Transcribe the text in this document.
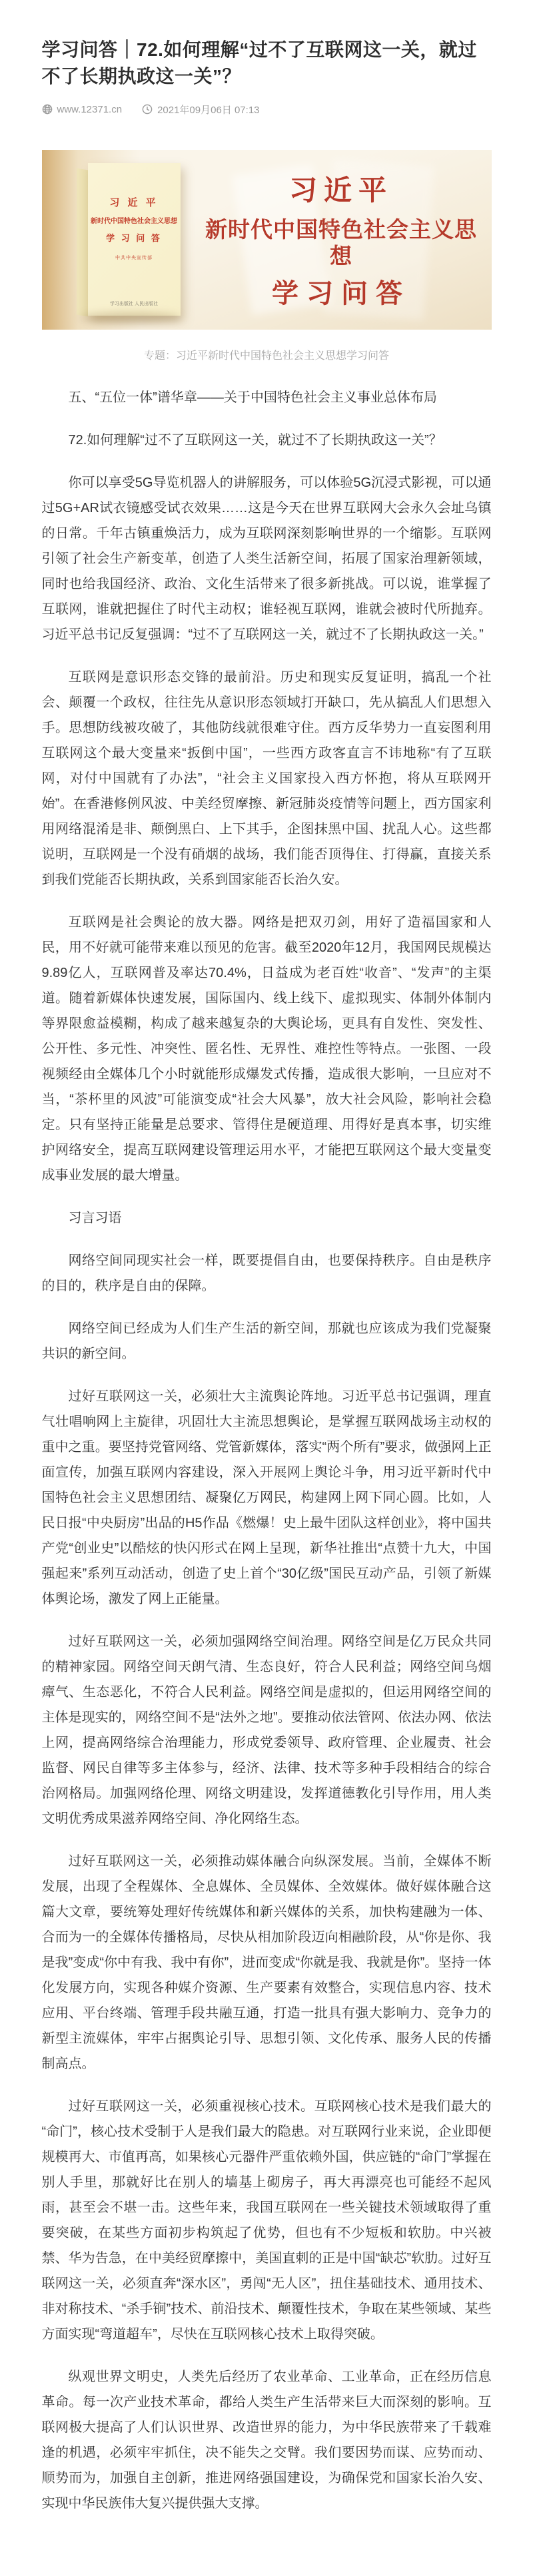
学习问答｜72.如何理解“过不了互联网这一关，就过不了长期执政这一关”？
www.12371.cn	2021年09月06日 07:13
习 近 平
新时代中国特色社会主义思想
学 习 问 答
中共中央宣传部
学习出版社 人民出版社
习近平
新时代中国特色社会主义思想
学习问答
专题：习近平新时代中国特色社会主义思想学习问答

五、“五位一体”谱华章——关于中国特色社会主义事业总体布局

72.如何理解“过不了互联网这一关，就过不了长期执政这一关”？

你可以享受5G导览机器人的讲解服务，可以体验5G沉浸式影视，可以通过5G+AR试衣镜感受试衣效果……这是今天在世界互联网大会永久会址乌镇的日常。千年古镇重焕活力，成为互联网深刻影响世界的一个缩影。互联网引领了社会生产新变革，创造了人类生活新空间，拓展了国家治理新领域，同时也给我国经济、政治、文化生活带来了很多新挑战。可以说，谁掌握了互联网，谁就把握住了时代主动权；谁轻视互联网，谁就会被时代所抛弃。习近平总书记反复强调：“过不了互联网这一关，就过不了长期执政这一关。”

互联网是意识形态交锋的最前沿。历史和现实反复证明，搞乱一个社会、颠覆一个政权，往往先从意识形态领域打开缺口，先从搞乱人们思想入手。思想防线被攻破了，其他防线就很难守住。西方反华势力一直妄图利用互联网这个最大变量来“扳倒中国”，一些西方政客直言不讳地称“有了互联网，对付中国就有了办法”，“社会主义国家投入西方怀抱，将从互联网开始”。在香港修例风波、中美经贸摩擦、新冠肺炎疫情等问题上，西方国家利用网络混淆是非、颠倒黑白、上下其手，企图抹黑中国、扰乱人心。这些都说明，互联网是一个没有硝烟的战场，我们能否顶得住、打得赢，直接关系到我们党能否长期执政，关系到国家能否长治久安。

互联网是社会舆论的放大器。网络是把双刃剑，用好了造福国家和人民，用不好就可能带来难以预见的危害。截至2020年12月，我国网民规模达9.89亿人，互联网普及率达70.4%，日益成为老百姓“收音”、“发声”的主渠道。随着新媒体快速发展，国际国内、线上线下、虚拟现实、体制外体制内等界限愈益模糊，构成了越来越复杂的大舆论场，更具有自发性、突发性、公开性、多元性、冲突性、匿名性、无界性、难控性等特点。一张图、一段视频经由全媒体几个小时就能形成爆发式传播，造成很大影响，一旦应对不当，“茶杯里的风波”可能演变成“社会大风暴”，放大社会风险，影响社会稳定。只有坚持正能量是总要求、管得住是硬道理、用得好是真本事，切实维护网络安全，提高互联网建设管理运用水平，才能把互联网这个最大变量变成事业发展的最大增量。

习言习语

网络空间同现实社会一样，既要提倡自由，也要保持秩序。自由是秩序的目的，秩序是自由的保障。

网络空间已经成为人们生产生活的新空间，那就也应该成为我们党凝聚共识的新空间。

过好互联网这一关，必须壮大主流舆论阵地。习近平总书记强调，理直气壮唱响网上主旋律，巩固壮大主流思想舆论，是掌握互联网战场主动权的重中之重。要坚持党管网络、党管新媒体，落实“两个所有”要求，做强网上正面宣传，加强互联网内容建设，深入开展网上舆论斗争，用习近平新时代中国特色社会主义思想团结、凝聚亿万网民，构建网上网下同心圆。比如，人民日报“中央厨房”出品的H5作品《燃爆！史上最牛团队这样创业》，将中国共产党“创业史”以酷炫的快闪形式在网上呈现，新华社推出“点赞十九大，中国强起来”系列互动活动，创造了史上首个“30亿级”国民互动产品，引领了新媒体舆论场，激发了网上正能量。

过好互联网这一关，必须加强网络空间治理。网络空间是亿万民众共同的精神家园。网络空间天朗气清、生态良好，符合人民利益；网络空间乌烟瘴气、生态恶化，不符合人民利益。网络空间是虚拟的，但运用网络空间的主体是现实的，网络空间不是“法外之地”。要推动依法管网、依法办网、依法上网，提高网络综合治理能力，形成党委领导、政府管理、企业履责、社会监督、网民自律等多主体参与，经济、法律、技术等多种手段相结合的综合治网格局。加强网络伦理、网络文明建设，发挥道德教化引导作用，用人类文明优秀成果滋养网络空间、净化网络生态。

过好互联网这一关，必须推动媒体融合向纵深发展。当前，全媒体不断发展，出现了全程媒体、全息媒体、全员媒体、全效媒体。做好媒体融合这篇大文章，要统筹处理好传统媒体和新兴媒体的关系，加快构建融为一体、合而为一的全媒体传播格局，尽快从相加阶段迈向相融阶段，从“你是你、我是我”变成“你中有我、我中有你”，进而变成“你就是我、我就是你”。坚持一体化发展方向，实现各种媒介资源、生产要素有效整合，实现信息内容、技术应用、平台终端、管理手段共融互通，打造一批具有强大影响力、竞争力的新型主流媒体，牢牢占据舆论引导、思想引领、文化传承、服务人民的传播制高点。

过好互联网这一关，必须重视核心技术。互联网核心技术是我们最大的“命门”，核心技术受制于人是我们最大的隐患。对互联网行业来说，企业即便规模再大、市值再高，如果核心元器件严重依赖外国，供应链的“命门”掌握在别人手里，那就好比在别人的墙基上砌房子，再大再漂亮也可能经不起风雨，甚至会不堪一击。这些年来，我国互联网在一些关键技术领域取得了重要突破，在某些方面初步构筑起了优势，但也有不少短板和软肋。中兴被禁、华为告急，在中美经贸摩擦中，美国直刺的正是中国“缺芯”软肋。过好互联网这一关，必须直奔“深水区”，勇闯“无人区”，扭住基础技术、通用技术、非对称技术、“杀手锏”技术、前沿技术、颠覆性技术，争取在某些领域、某些方面实现“弯道超车”，尽快在互联网核心技术上取得突破。

纵观世界文明史，人类先后经历了农业革命、工业革命，正在经历信息革命。每一次产业技术革命，都给人类生产生活带来巨大而深刻的影响。互联网极大提高了人们认识世界、改造世界的能力，为中华民族带来了千载难逢的机遇，必须牢牢抓住，决不能失之交臂。我们要因势而谋、应势而动、顺势而为，加强自主创新，推进网络强国建设，为确保党和国家长治久安、实现中华民族伟大复兴提供强大支撑。
